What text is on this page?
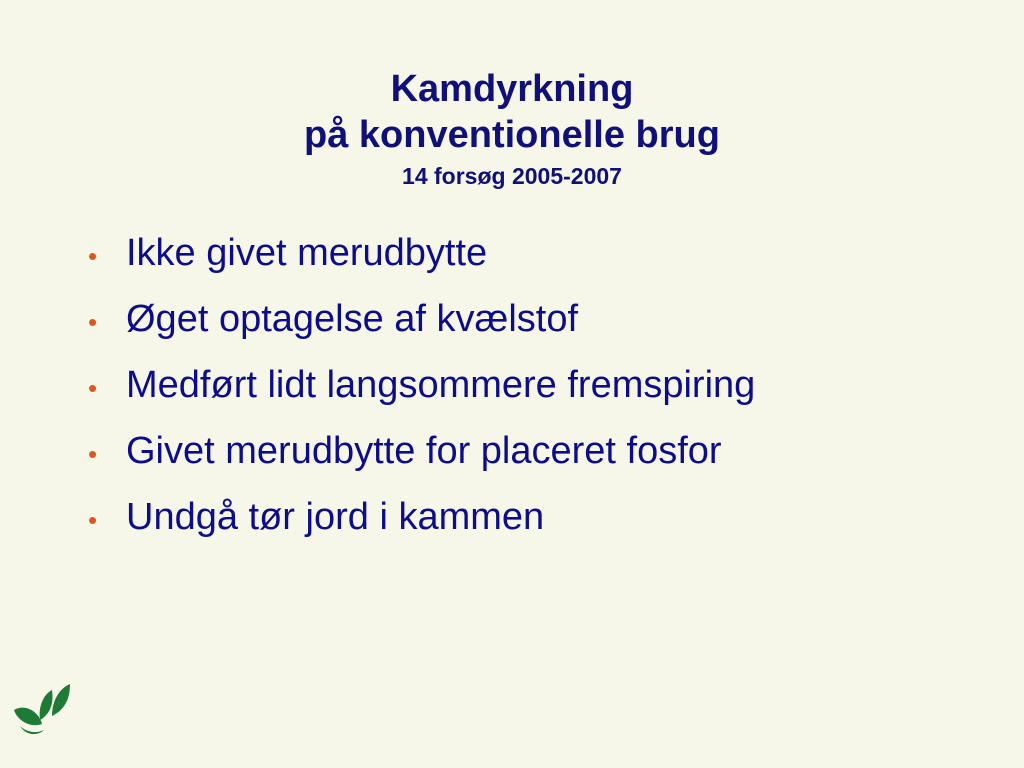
Kamdyrkning
på konventionelle brug
14 forsøg 2005-2007
• Ikke givet merudbytte
• Øget optagelse af kvælstof
• Medført lidt langsommere fremspiring
• Givet merudbytte for placeret fosfor
• Undgå tør jord i kammen
